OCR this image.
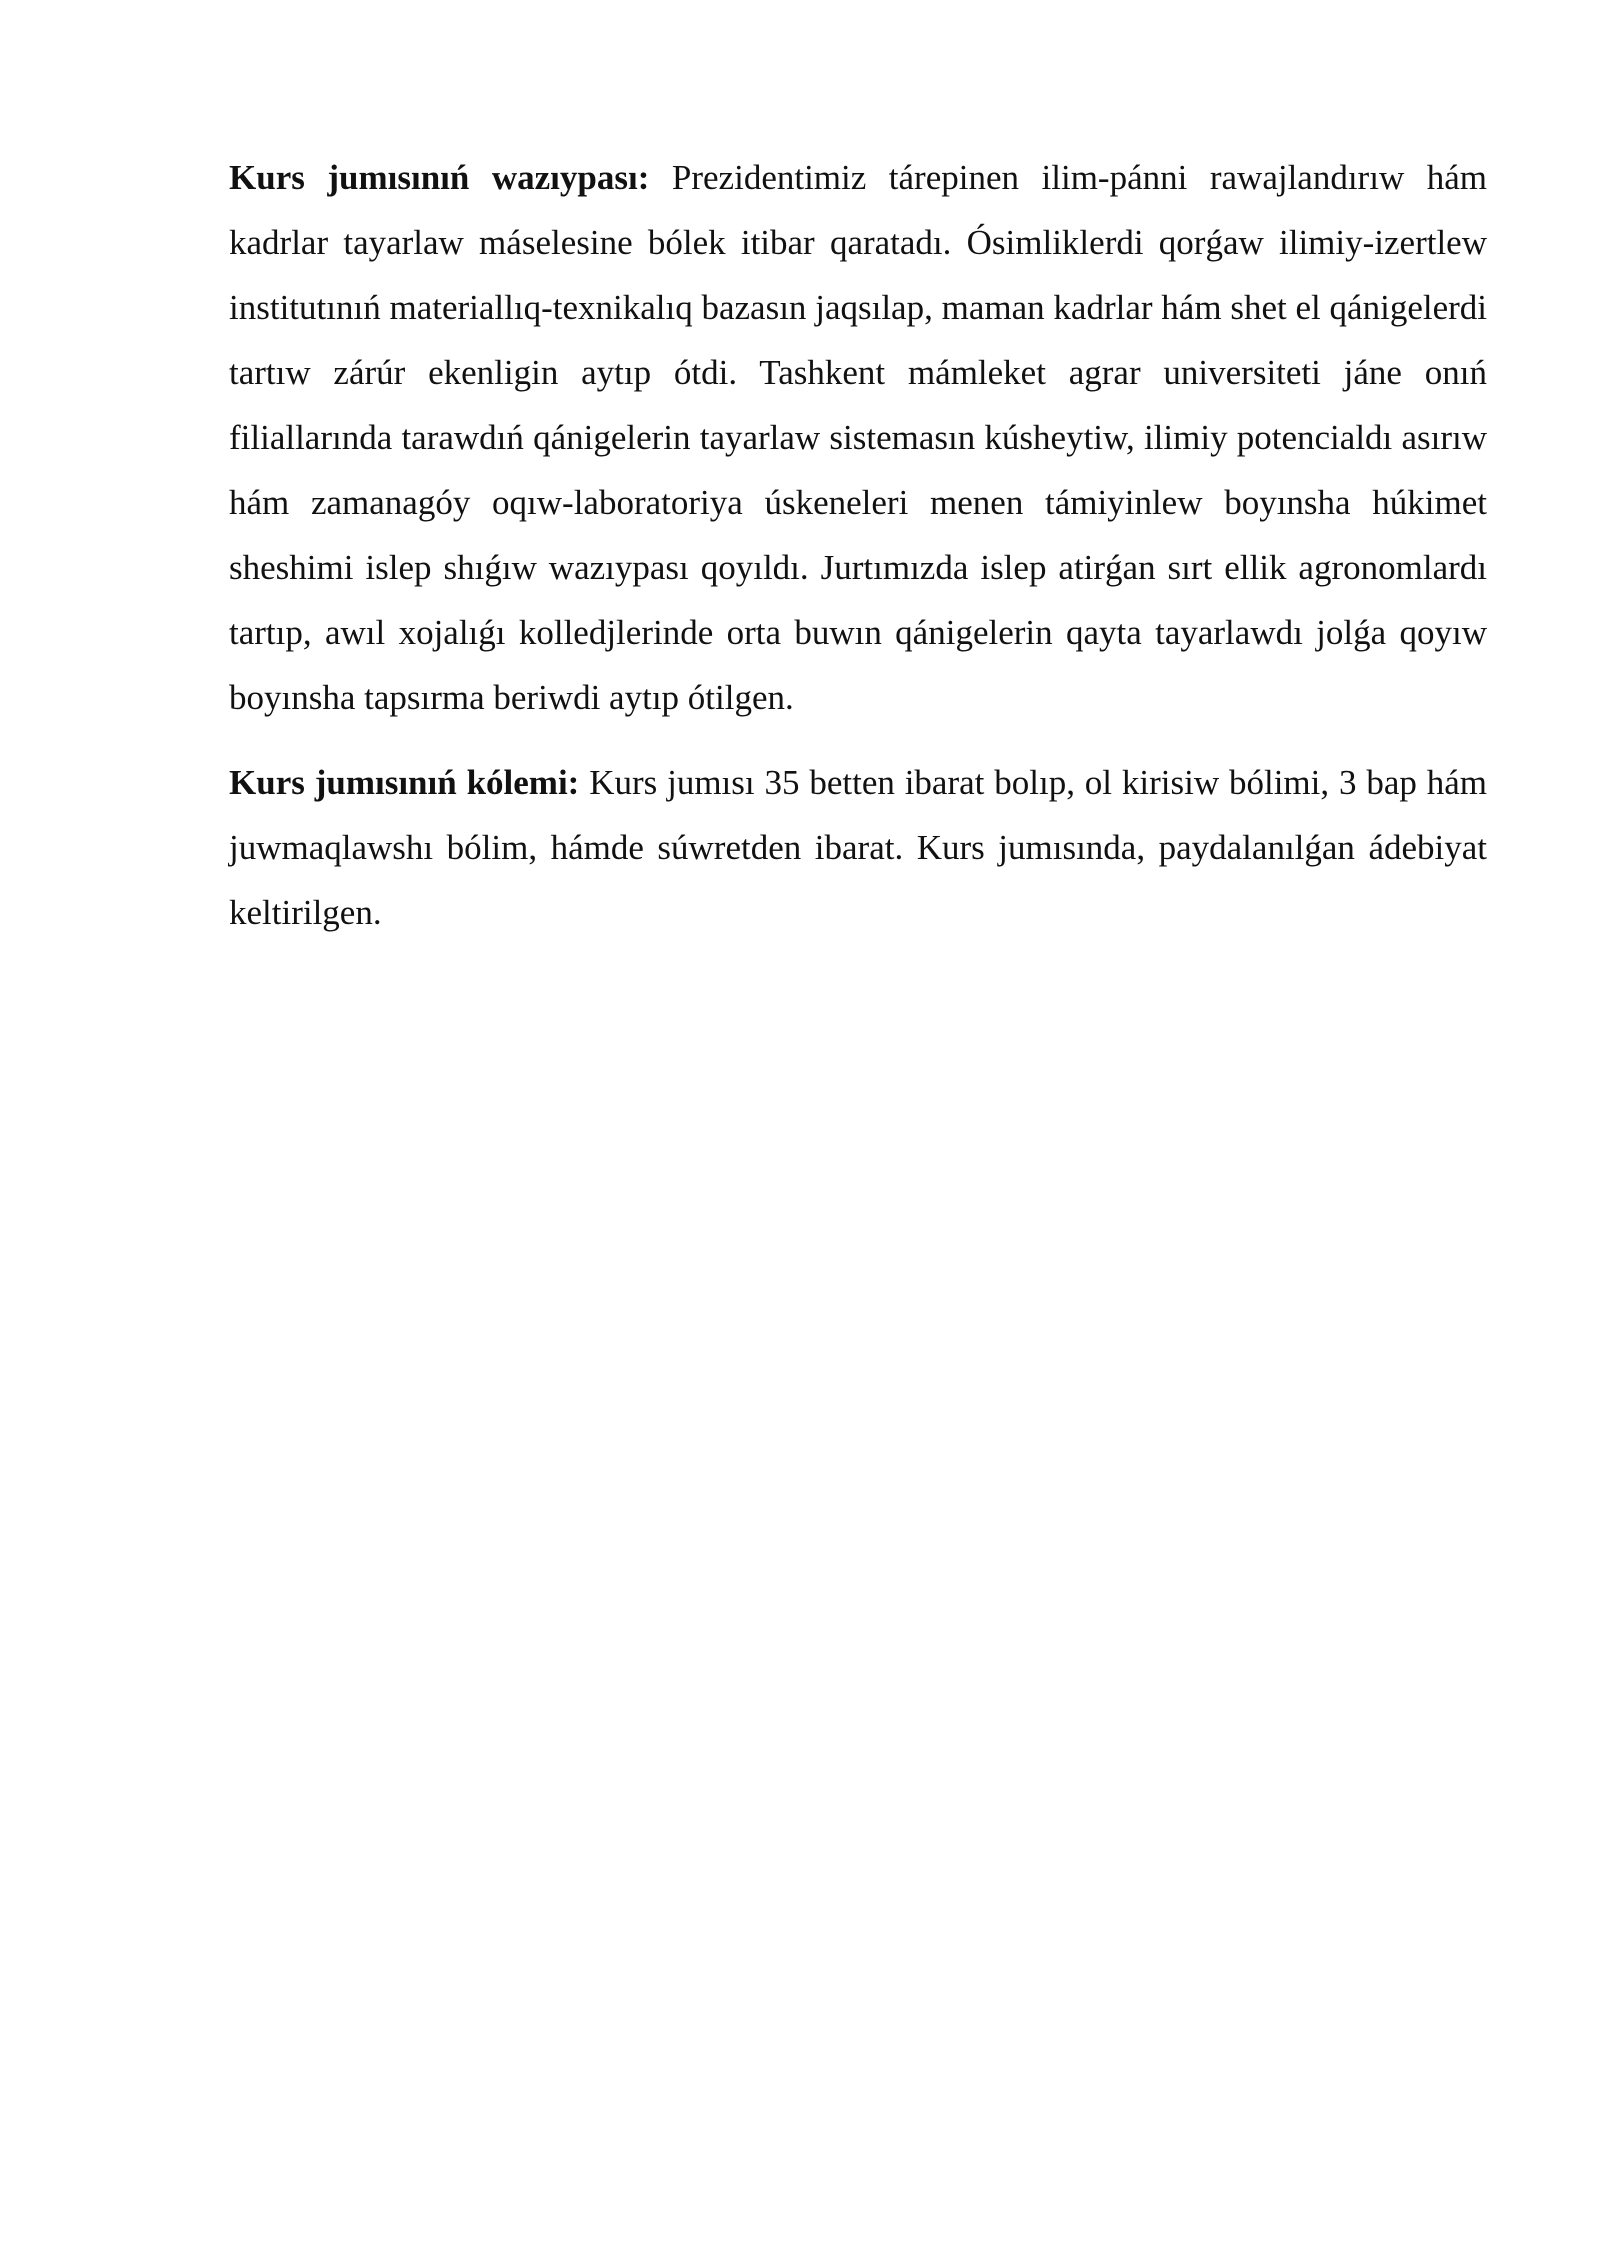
Kurs jumısınıń wazıypası: Prezidentimiz tárepinen ilim-pánni rawajlandırıw hám kadrlar tayarlaw máselesine bólek itibar qaratadı. Ósimliklerdi qorǵaw ilimiy-izertlew institutınıń materiallıq-texnikalıq bazasın jaqsılap, maman kadrlar hám shet el qánigelerdi tartıw zárúr ekenligin aytıp ótdi. Tashkent mámleket agrar universiteti jáne onıń filiallarında tarawdıń qánigelerin tayarlaw sistemasın kúsheytiw, ilimiy potencialdı asırıw hám zamanagóy oqıw-laboratoriya úskeneleri menen támiyinlew boyınsha húkimet sheshimi islep shıǵıw wazıypası qoyıldı. Jurtımızda islep atirǵan sırt ellik agronomlardı tartıp, awıl xojalıǵı kolledjlerinde orta buwın qánigelerin qayta tayarlawdı jolǵa qoyıw boyınsha tapsırma beriwdi aytıp ótilgen.

Kurs jumısınıń kólemi: Kurs jumısı 35 betten ibarat bolıp, ol kirisiw bólimi, 3 bap hám juwmaqlawshı bólim, hámde súwretden ibarat. Kurs jumısında, paydalanılǵan ádebiyat keltirilgen.
